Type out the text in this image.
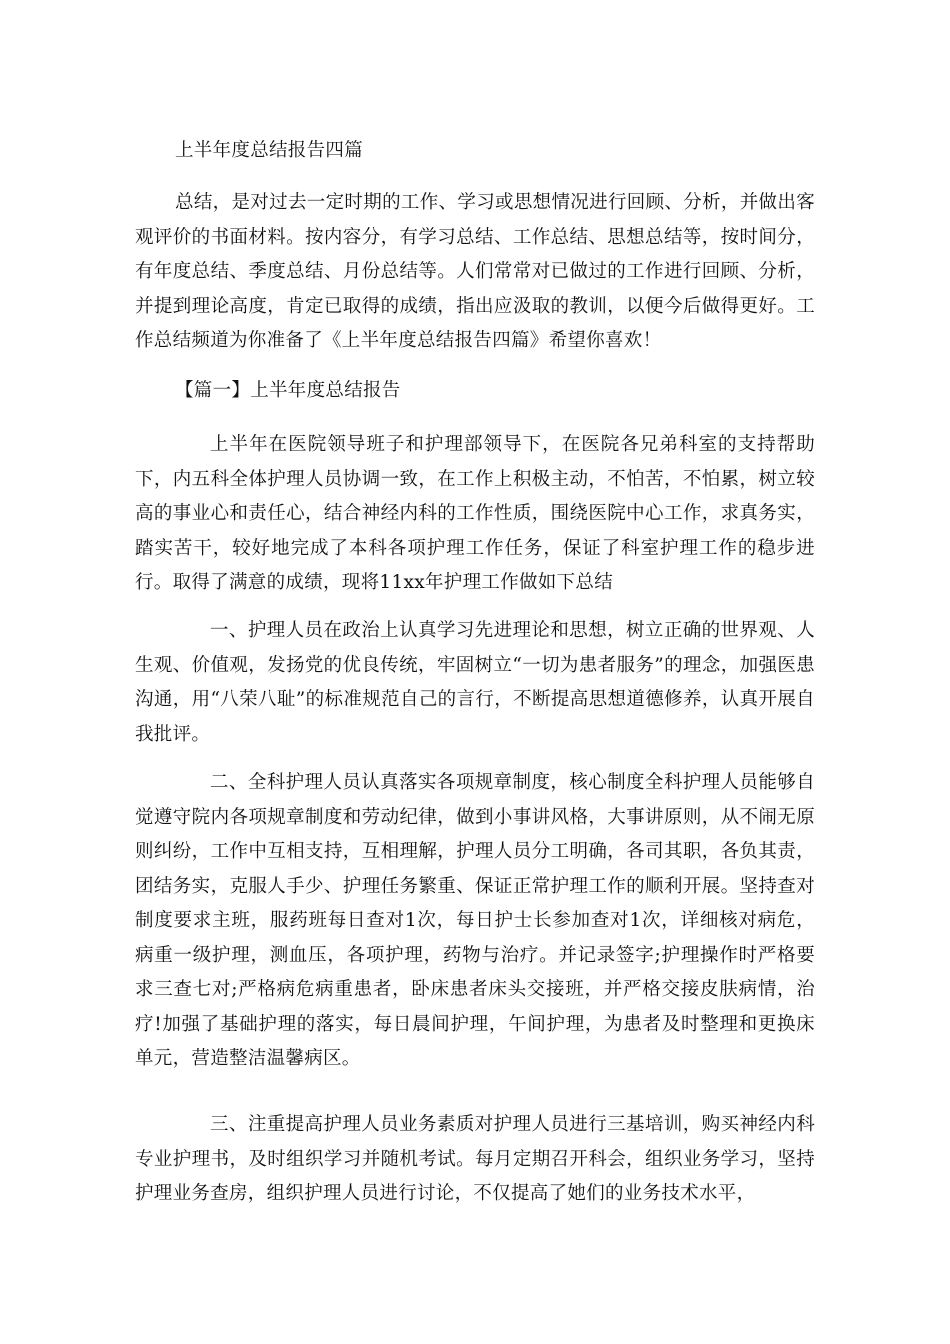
上半年度总结报告四篇

总结，是对过去一定时期的工作、学习或思想情况进行回顾、分析，并做出客观评价的书面材料。按内容分，有学习总结、工作总结、思想总结等，按时间分，有年度总结、季度总结、月份总结等。人们常常对已做过的工作进行回顾、分析，并提到理论高度，肯定已取得的成绩，指出应汲取的教训，以便今后做得更好。工作总结频道为你准备了《上半年度总结报告四篇》希望你喜欢！

【篇一】上半年度总结报告

上半年在医院领导班子和护理部领导下，在医院各兄弟科室的支持帮助下，内五科全体护理人员协调一致，在工作上积极主动，不怕苦，不怕累，树立较高的事业心和责任心，结合神经内科的工作性质，围绕医院中心工作，求真务实，踏实苦干，较好地完成了本科各项护理工作任务，保证了科室护理工作的稳步进行。取得了满意的成绩，现将11xx年护理工作做如下总结

一、护理人员在政治上认真学习先进理论和思想，树立正确的世界观、人生观、价值观，发扬党的优良传统，牢固树立“一切为患者服务”的理念，加强医患沟通，用“八荣八耻”的标准规范自己的言行，不断提高思想道德修养，认真开展自我批评。

二、全科护理人员认真落实各项规章制度，核心制度全科护理人员能够自觉遵守院内各项规章制度和劳动纪律，做到小事讲风格，大事讲原则，从不闹无原则纠纷，工作中互相支持，互相理解，护理人员分工明确，各司其职，各负其责，团结务实，克服人手少、护理任务繁重、保证正常护理工作的顺利开展。坚持查对制度要求主班，服药班每日查对1次，每日护士长参加查对1次，详细核对病危，病重一级护理，测血压，各项护理，药物与治疗。并记录签字;护理操作时严格要求三查七对;严格病危病重患者，卧床患者床头交接班，并严格交接皮肤病情，治疗!加强了基础护理的落实，每日晨间护理，午间护理，为患者及时整理和更换床单元，营造整洁温馨病区。

三、注重提高护理人员业务素质对护理人员进行三基培训，购买神经内科专业护理书，及时组织学习并随机考试。每月定期召开科会，组织业务学习，坚持护理业务查房，组织护理人员进行讨论，不仅提高了她们的业务技术水平，
